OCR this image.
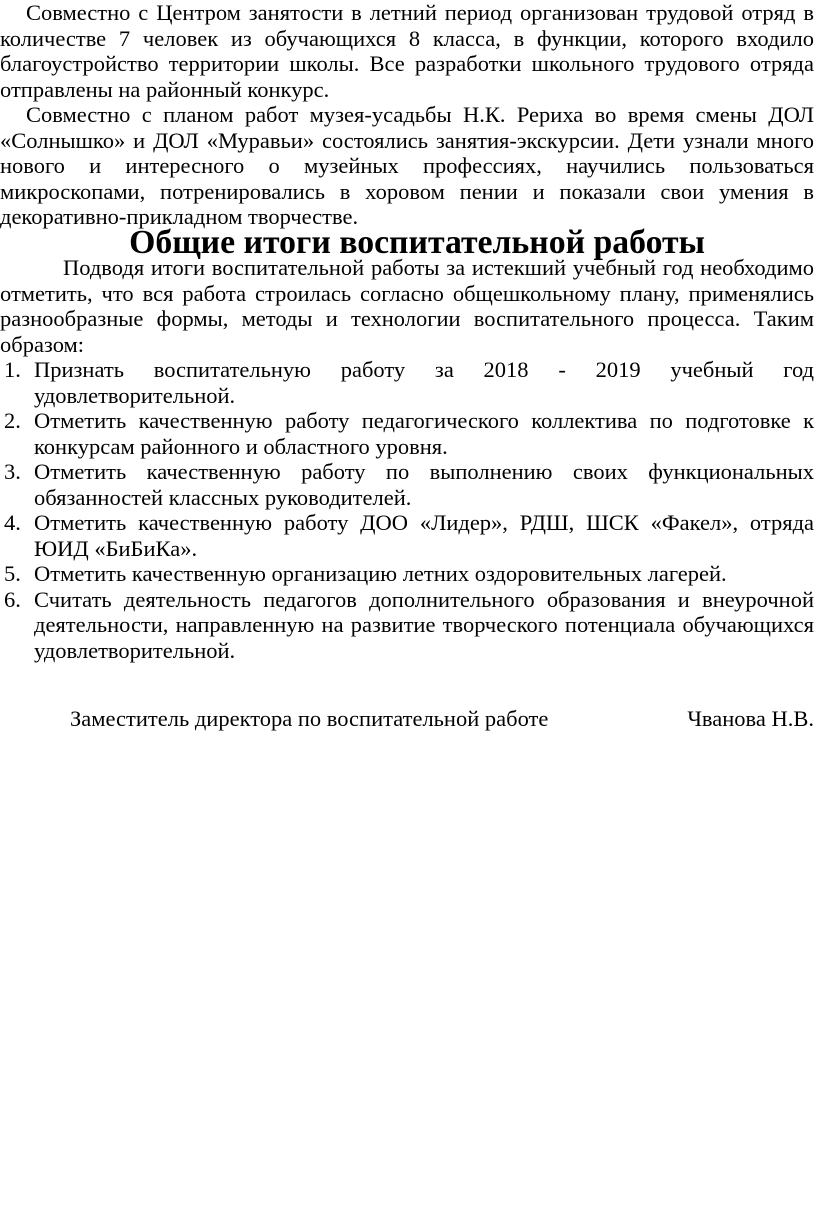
Совместно с Центром занятости в летний период организован трудовой отряд в количестве 7 человек из обучающихся 8 класса, в функции, которого входило благоустройство территории школы. Все разработки школьного трудового отряда отправлены на районный конкурс.

Совместно с планом работ музея-усадьбы Н.К. Рериха во время смены ДОЛ «Солнышко» и ДОЛ «Муравьи» состоялись занятия-экскурсии. Дети узнали много нового и интересного о музейных профессиях, научились пользоваться микроскопами, потренировались в хоровом пении и показали свои умения в декоративно-прикладном творчестве.

Общие итоги воспитательной работы

Подводя итоги воспитательной работы за истекший учебный год необходимо отметить, что вся работа строилась согласно общешкольному плану, применялись разнообразные формы, методы и технологии воспитательного процесса. Таким образом:

1. Признать воспитательную работу за 2018 - 2019 учебный год удовлетворительной.
2. Отметить качественную работу педагогического коллектива по подготовке к конкурсам районного и областного уровня.
3. Отметить качественную работу по выполнению своих функциональных обязанностей классных руководителей.
4. Отметить качественную работу ДОО «Лидер», РДШ, ШСК «Факел», отряда ЮИД «БиБиКа».
5. Отметить качественную организацию летних оздоровительных лагерей.
6. Считать деятельность педагогов дополнительного образования и внеурочной деятельности, направленную на развитие творческого потенциала обучающихся удовлетворительной.
Заместитель директора по воспитательной работе	Чванова Н.В.
